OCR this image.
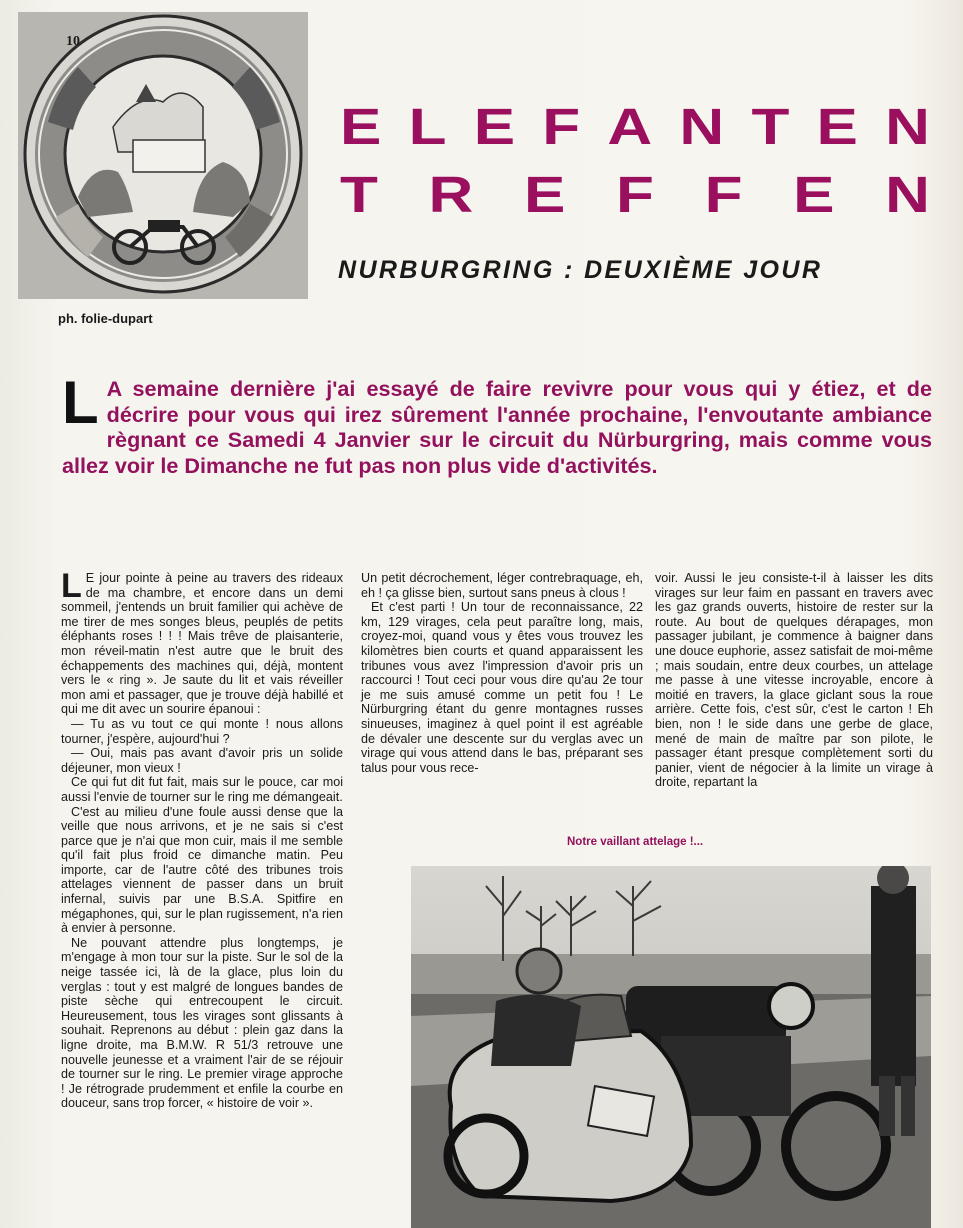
10
ph. folie-dupart
E L E F A N T E N
T R E F F E N
NURBURGRING : DEUXIÈME JOUR
L A semaine dernière j'ai essayé de faire revivre pour vous qui y étiez, et de décrire pour vous qui irez sûrement l'année prochaine, l'envoutante ambiance règnant ce Samedi 4 Janvier sur le circuit du Nürburgring, mais comme vous allez voir le Dimanche ne fut pas non plus vide d'activités.

L E jour pointe à peine au travers des rideaux de ma chambre, et encore dans un demi sommeil, j'entends un bruit familier qui achève de me tirer de mes songes bleus, peuplés de petits éléphants roses ! ! ! Mais trêve de plaisanterie, mon réveil-matin n'est autre que le bruit des échappements des machines qui, déjà, montent vers le « ring ». Je saute du lit et vais réveiller mon ami et passager, que je trouve déjà habillé et qui me dit avec un sourire épanoui :

— Tu as vu tout ce qui monte ! nous allons tourner, j'espère, aujourd'hui ?

— Oui, mais pas avant d'avoir pris un solide déjeuner, mon vieux !

Ce qui fut dit fut fait, mais sur le pouce, car moi aussi l'envie de tourner sur le ring me démangeait.

C'est au milieu d'une foule aussi dense que la veille que nous arrivons, et je ne sais si c'est parce que je n'ai que mon cuir, mais il me semble qu'il fait plus froid ce dimanche matin. Peu importe, car de l'autre côté des tribunes trois attelages viennent de passer dans un bruit infernal, suivis par une B.S.A. Spitfire en mégaphones, qui, sur le plan rugissement, n'a rien à envier à personne.

Ne pouvant attendre plus longtemps, je m'engage à mon tour sur la piste. Sur le sol de la neige tassée ici, là de la glace, plus loin du verglas : tout y est malgré de longues bandes de piste sèche qui entrecoupent le circuit. Heureusement, tous les virages sont glissants à souhait. Reprenons au début : plein gaz dans la ligne droite, ma B.M.W. R 51/3 retrouve une nouvelle jeunesse et a vraiment l'air de se réjouir de tourner sur le ring. Le premier virage approche ! Je rétrograde prudemment et enfile la courbe en douceur, sans trop forcer, « histoire de voir ».

Un petit décrochement, léger contrebraquage, eh, eh ! ça glisse bien, surtout sans pneus à clous !

Et c'est parti ! Un tour de reconnaissance, 22 km, 129 virages, cela peut paraître long, mais, croyez-moi, quand vous y êtes vous trouvez les kilomètres bien courts et quand apparaissent les tribunes vous avez l'impression d'avoir pris un raccourci ! Tout ceci pour vous dire qu'au 2e tour je me suis amusé comme un petit fou ! Le Nürburgring étant du genre montagnes russes sinueuses, imaginez à quel point il est agréable de dévaler une descente sur du verglas avec un virage qui vous attend dans le bas, préparant ses talus pour vous rece-

voir. Aussi le jeu consiste-t-il à laisser les dits virages sur leur faim en passant en travers avec les gaz grands ouverts, histoire de rester sur la route. Au bout de quelques dérapages, mon passager jubilant, je commence à baigner dans une douce euphorie, assez satisfait de moi-même ; mais soudain, entre deux courbes, un attelage me passe à une vitesse incroyable, encore à moitié en travers, la glace giclant sous la roue arrière. Cette fois, c'est sûr, c'est le carton ! Eh bien, non ! le side dans une gerbe de glace, mené de main de maître par son pilote, le passager étant presque complètement sorti du panier, vient de négocier à la limite un virage à droite, repartant la

Notre vaillant attelage !...
